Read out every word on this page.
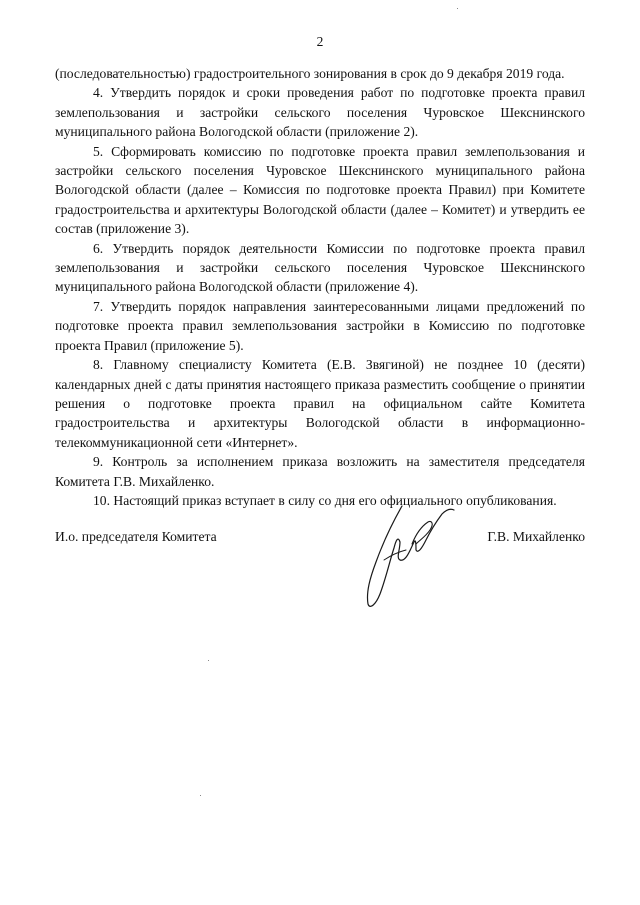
2

(последовательностью) градостроительного зонирования в срок до 9 декабря 2019 года.

4. Утвердить порядок и сроки проведения работ по подготовке проекта правил землепользования и застройки сельского поселения Чуровское Шекснинского муниципального района Вологодской области (приложение 2).

5. Сформировать комиссию по подготовке проекта правил землепользования и застройки сельского поселения Чуровское Шекснинского муниципального района Вологодской области (далее – Комиссия по подготовке проекта Правил) при Комитете градостроительства и архитектуры Вологодской области (далее – Комитет) и утвердить ее состав (приложение 3).

6. Утвердить порядок деятельности Комиссии по подготовке проекта правил землепользования и застройки сельского поселения Чуровское Шекснинского муниципального района Вологодской области (приложение 4).

7. Утвердить порядок направления заинтересованными лицами предложений по подготовке проекта правил землепользования застройки в Комиссию по подготовке проекта Правил (приложение 5).

8. Главному специалисту Комитета (Е.В. Звягиной) не позднее 10 (десяти) календарных дней с даты принятия настоящего приказа разместить сообщение о принятии решения о подготовке проекта правил на официальном сайте Комитета градостроительства и архитектуры Вологодской области в информационно-телекоммуникационной сети «Интернет».

9. Контроль за исполнением приказа возложить на заместителя председателя Комитета Г.В. Михайленко.

10. Настоящий приказ вступает в силу со дня его официального опубликования.

И.о. председателя Комитета	Г.В. Михайленко
